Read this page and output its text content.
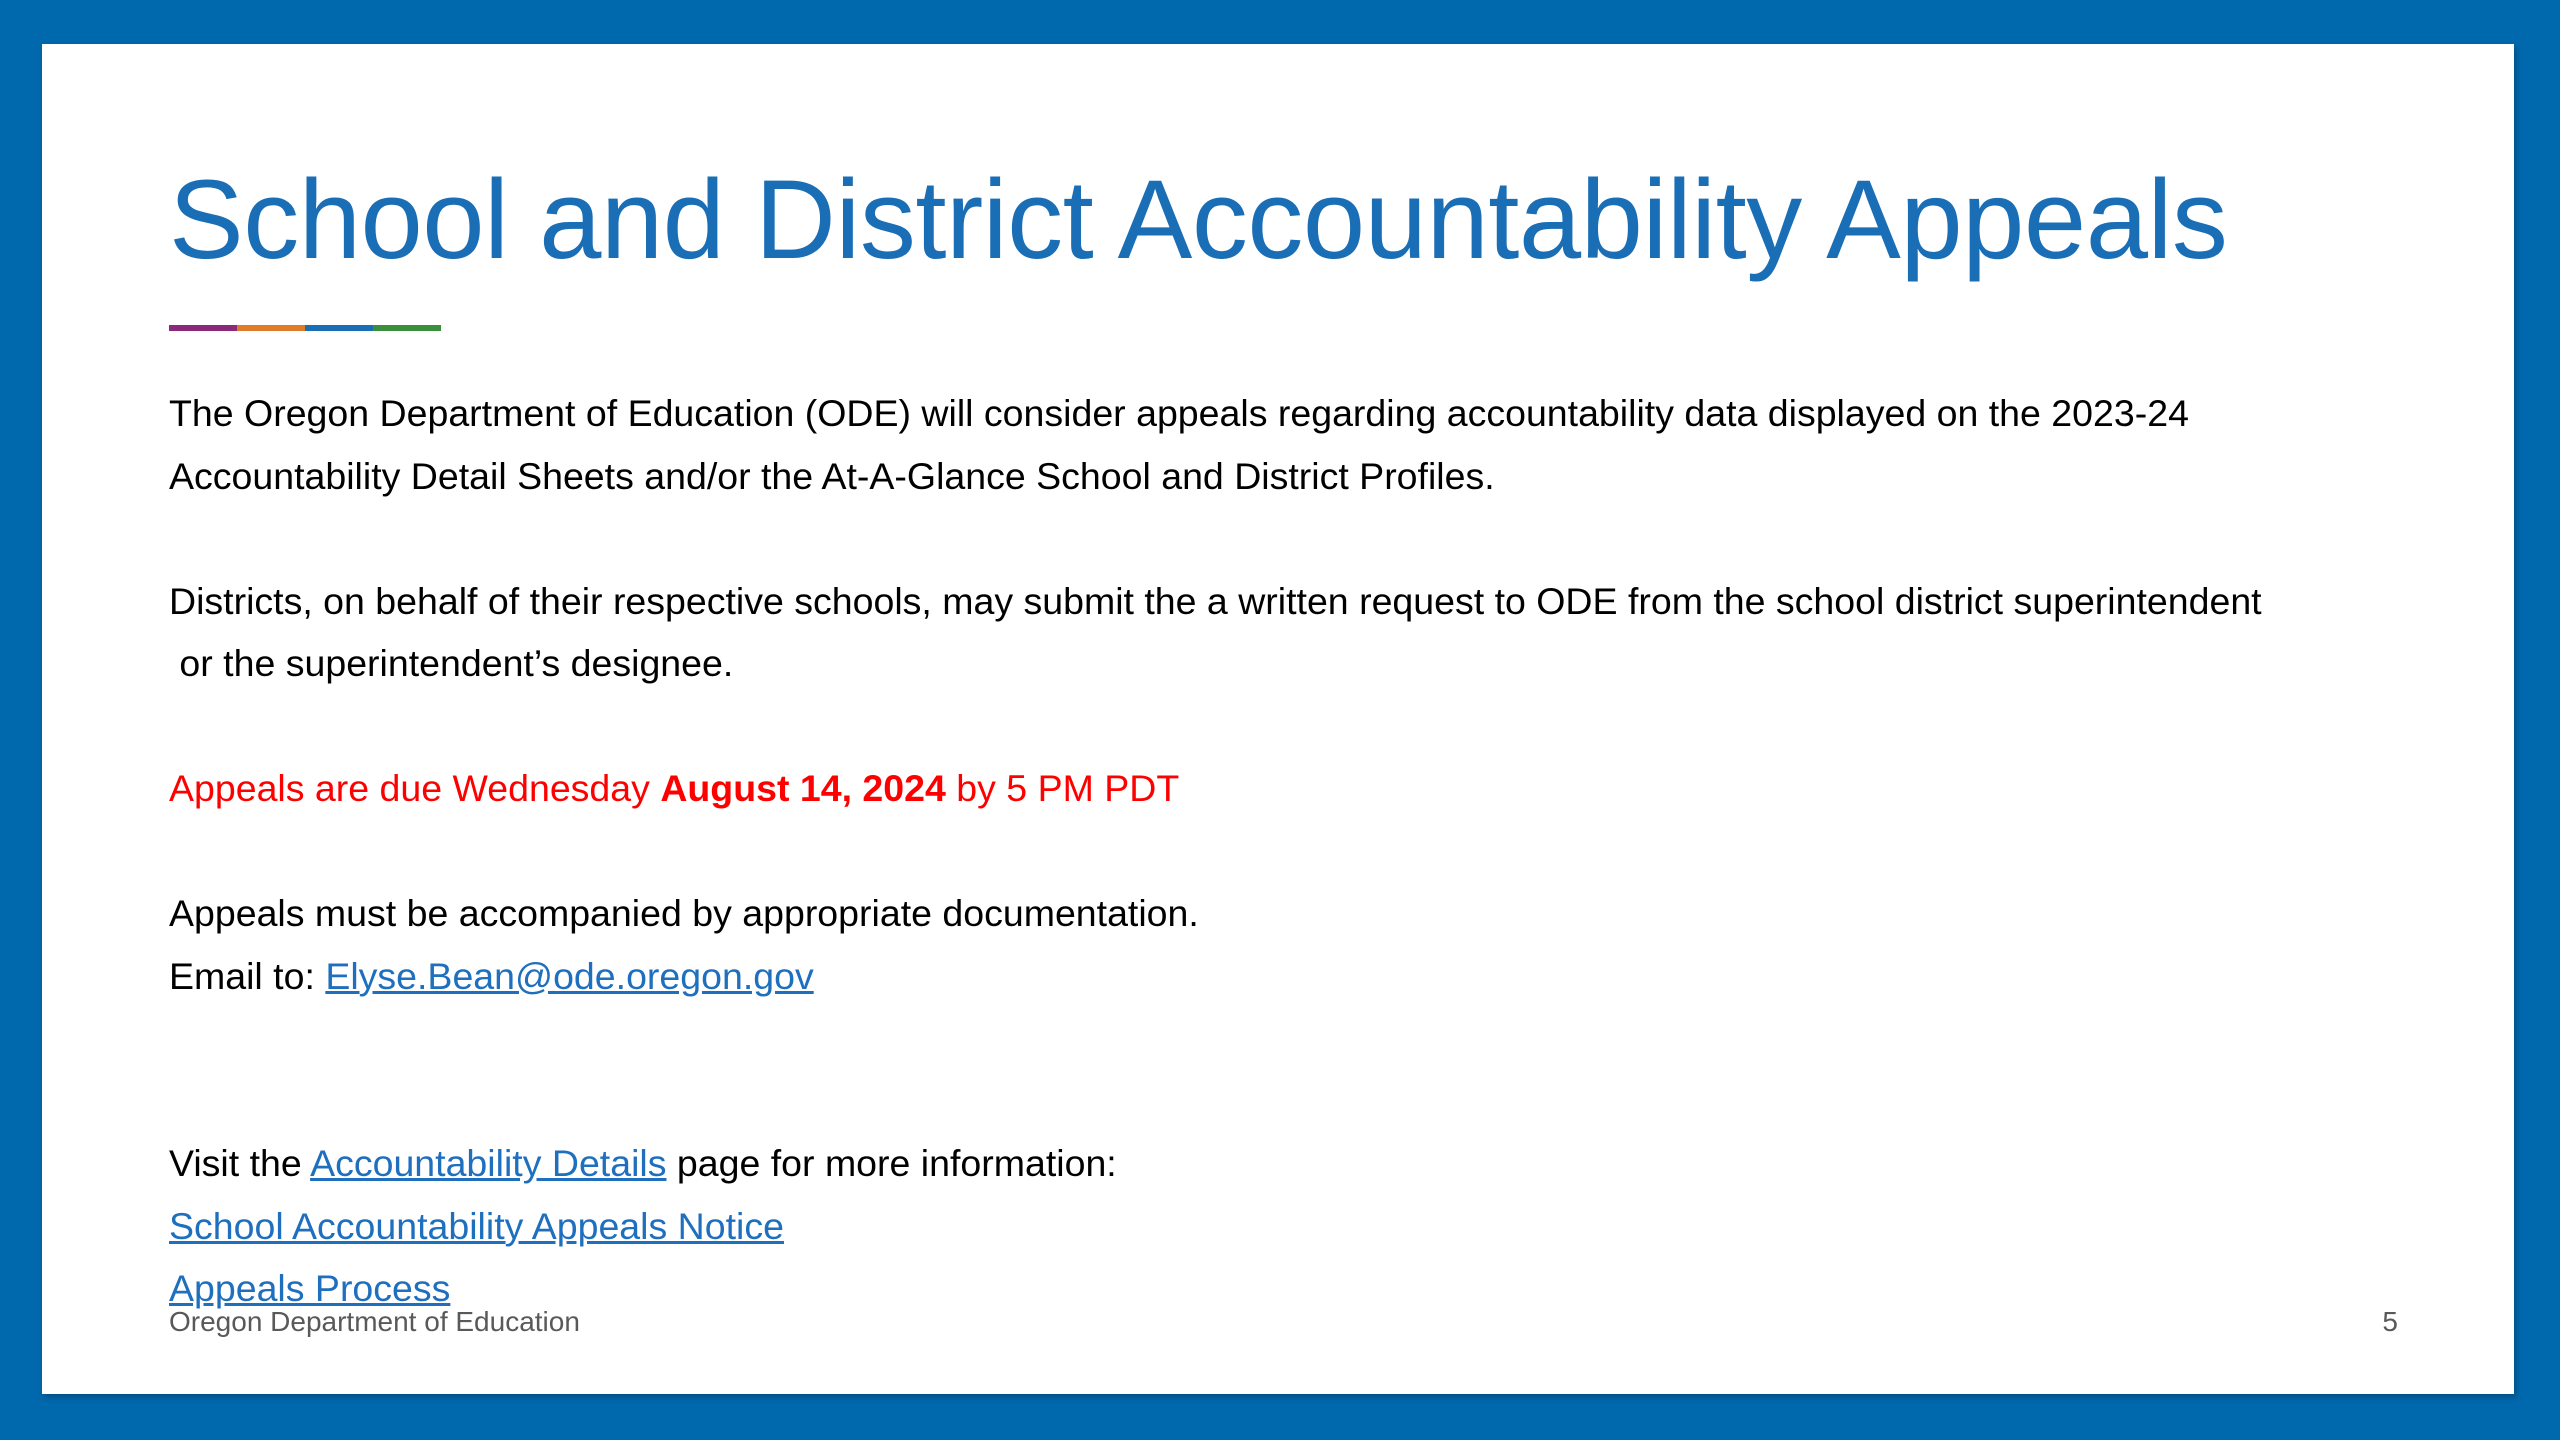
School and District Accountability Appeals

The Oregon Department of Education (ODE) will consider appeals regarding accountability data displayed on the 2023-24

Accountability Detail Sheets and/or the At-A-Glance School and District Profiles.

Districts, on behalf of their respective schools, may submit the a written request to ODE from the school district superintendent

or the superintendent’s designee.

Appeals are due Wednesday August 14, 2024 by 5 PM PDT

Appeals must be accompanied by appropriate documentation.

Email to: Elyse.Bean@ode.oregon.gov

Visit the Accountability Details page for more information:

School Accountability Appeals Notice

Appeals Process

Oregon Department of Education	5
